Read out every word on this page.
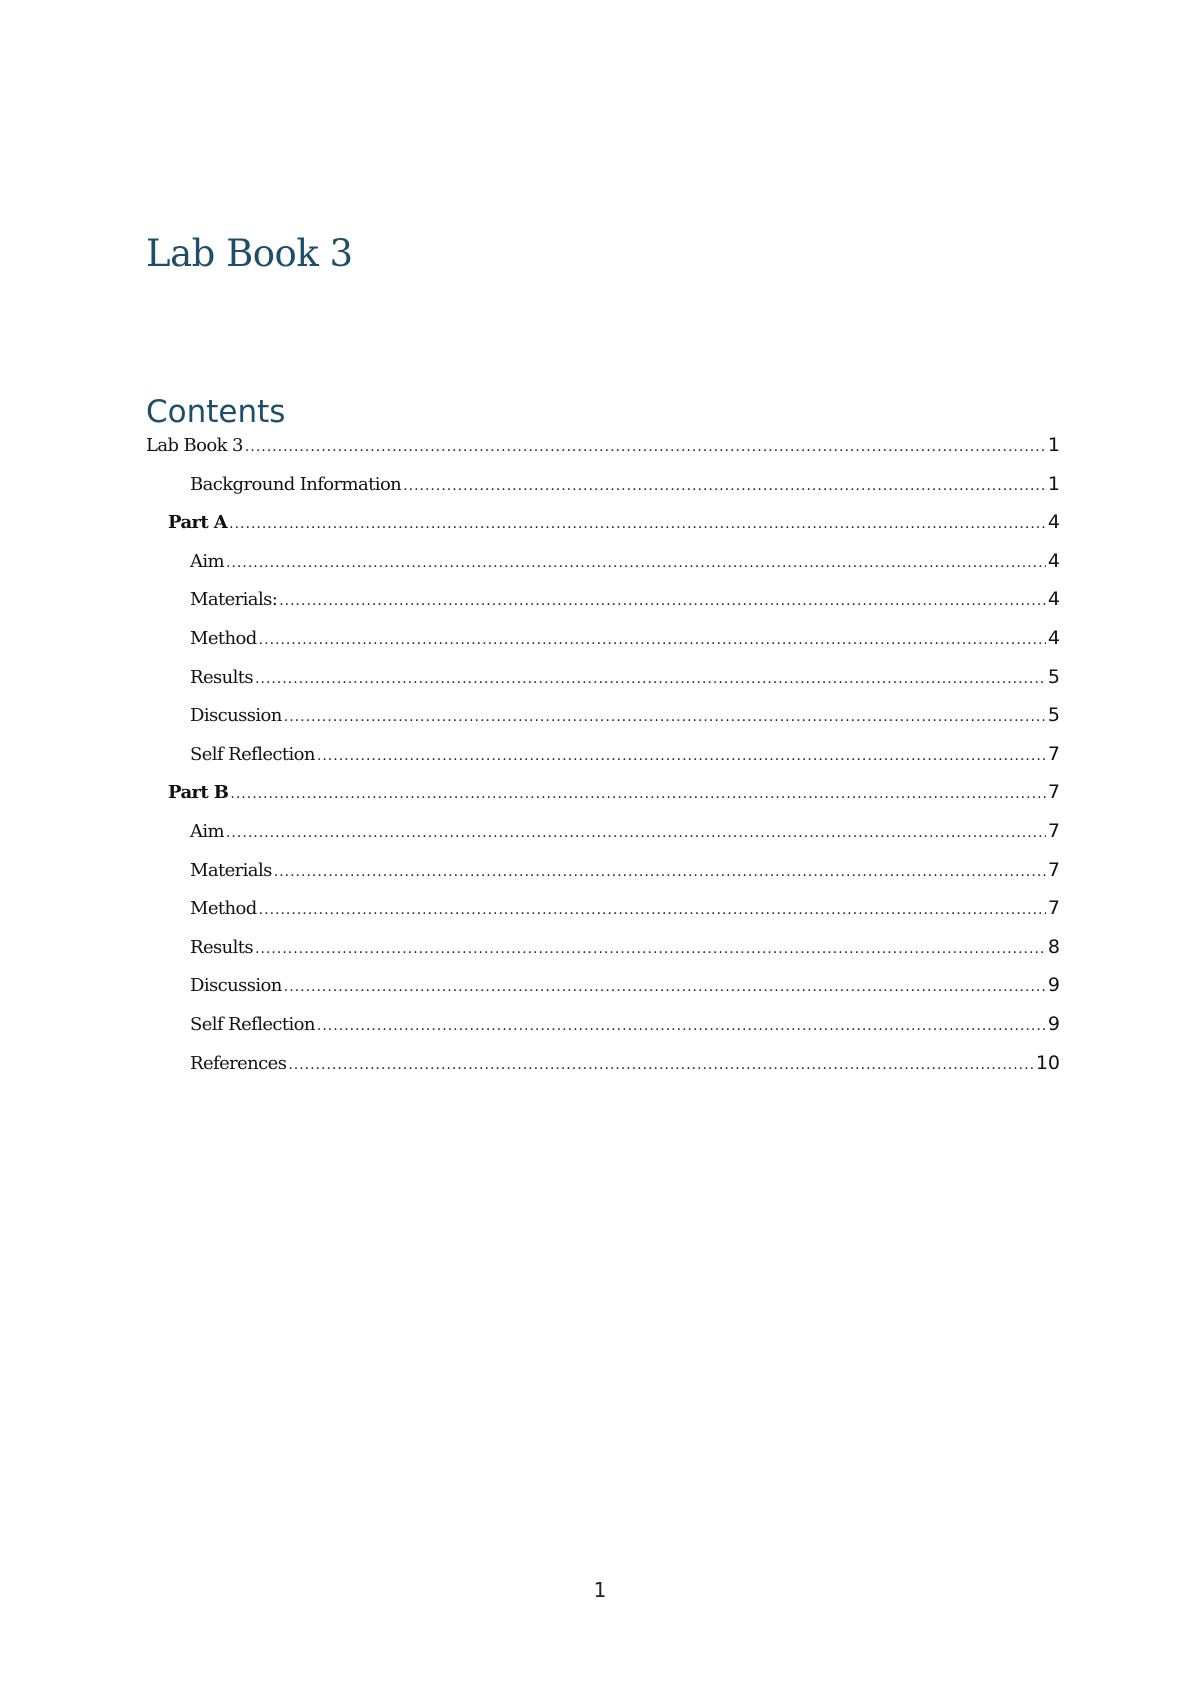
Lab Book 3
Contents
Lab Book 3 .....	1
Background Information .....	1
Part A .....	4
Aim .....	4
Materials: .....	4
Method .....	4
Results .....	5
Discussion .....	5
Self Reflection .....	7
Part B .....	7
Aim .....	7
Materials .....	7
Method .....	7
Results .....	8
Discussion .....	9
Self Reflection .....	9
References .....	10
1
